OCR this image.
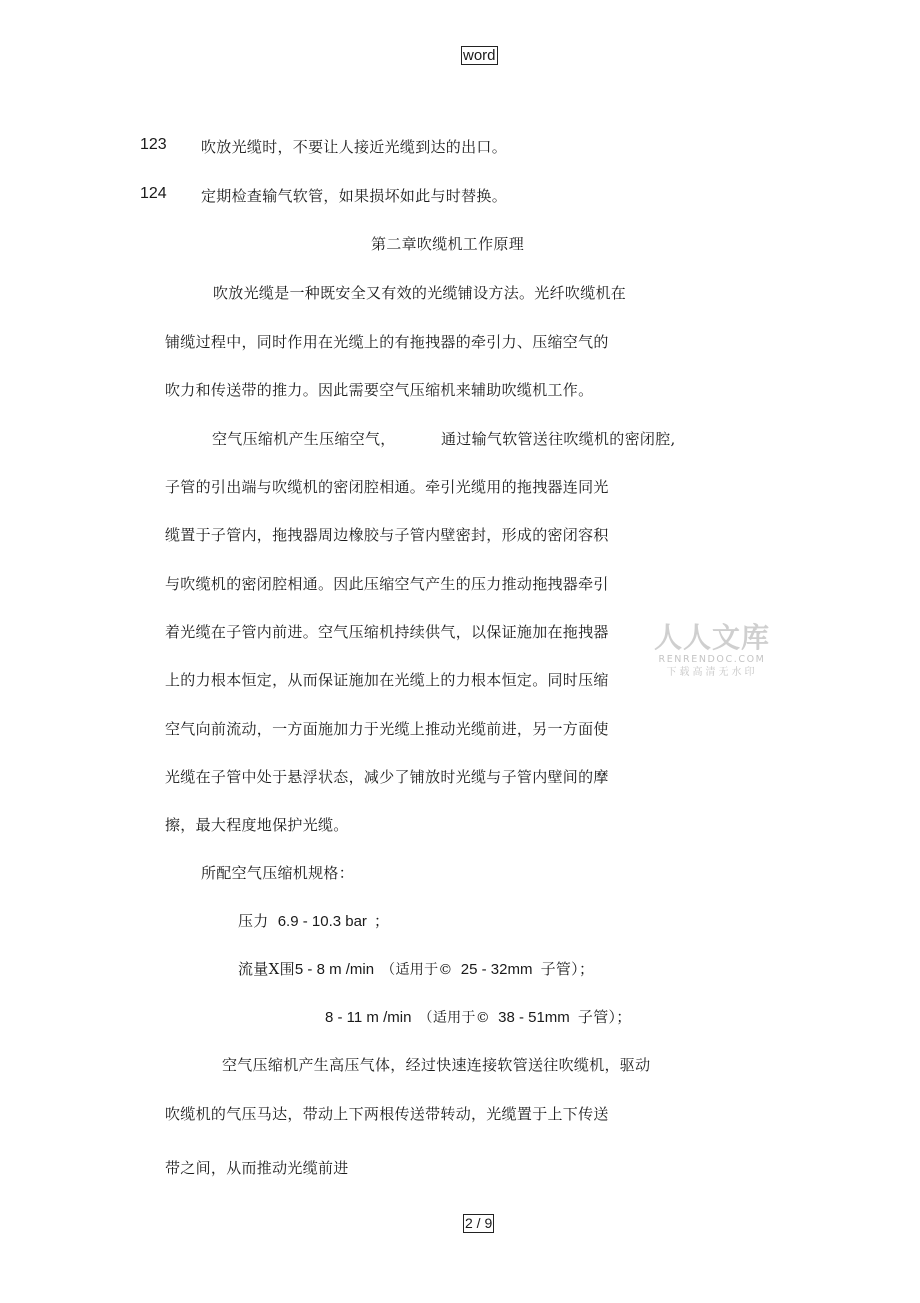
word
123 吹放光缆时，不要让人接近光缆到达的出口。
124 定期检查输气软管，如果损坏如此与时替换。
第二章吹缆机工作原理
吹放光缆是一种既安全又有效的光缆铺设方法。光纤吹缆机在
铺缆过程中，同时作用在光缆上的有拖拽器的牵引力、压缩空气的
吹力和传送带的推力。因此需要空气压缩机来辅助吹缆机工作。
空气压缩机产生压缩空气，	通过输气软管送往吹缆机的密闭腔,
子管的引出端与吹缆机的密闭腔相通。牵引光缆用的拖拽器连同光
缆置于子管内，拖拽器周边橡胶与子管内壁密封，形成的密闭容积
与吹缆机的密闭腔相通。因此压缩空气产生的压力推动拖拽器牵引
着光缆在子管内前进。空气压缩机持续供气，以保证施加在拖拽器
上的力根本恒定，从而保证施加在光缆上的力根本恒定。同时压缩
空气向前流动，一方面施加力于光缆上推动光缆前进，另一方面使
光缆在子管中处于悬浮状态，减少了铺放时光缆与子管内壁间的摩
擦，最大程度地保护光缆。
所配空气压缩机规格：
压力 6.9 - 10.3 bar ；
流量X围5 - 8 m /min （适用于© 25 - 32mm 子管）；
8 - 11 m /min （适用于© 38 - 51mm 子管）；
空气压缩机产生高压气体，经过快速连接软管送往吹缆机，驱动
吹缆机的气压马达，带动上下两根传送带转动，光缆置于上下传送
带之间，从而推动光缆前进
人人文库
RENRENDOC.COM
下载高清无水印
2 / 9
